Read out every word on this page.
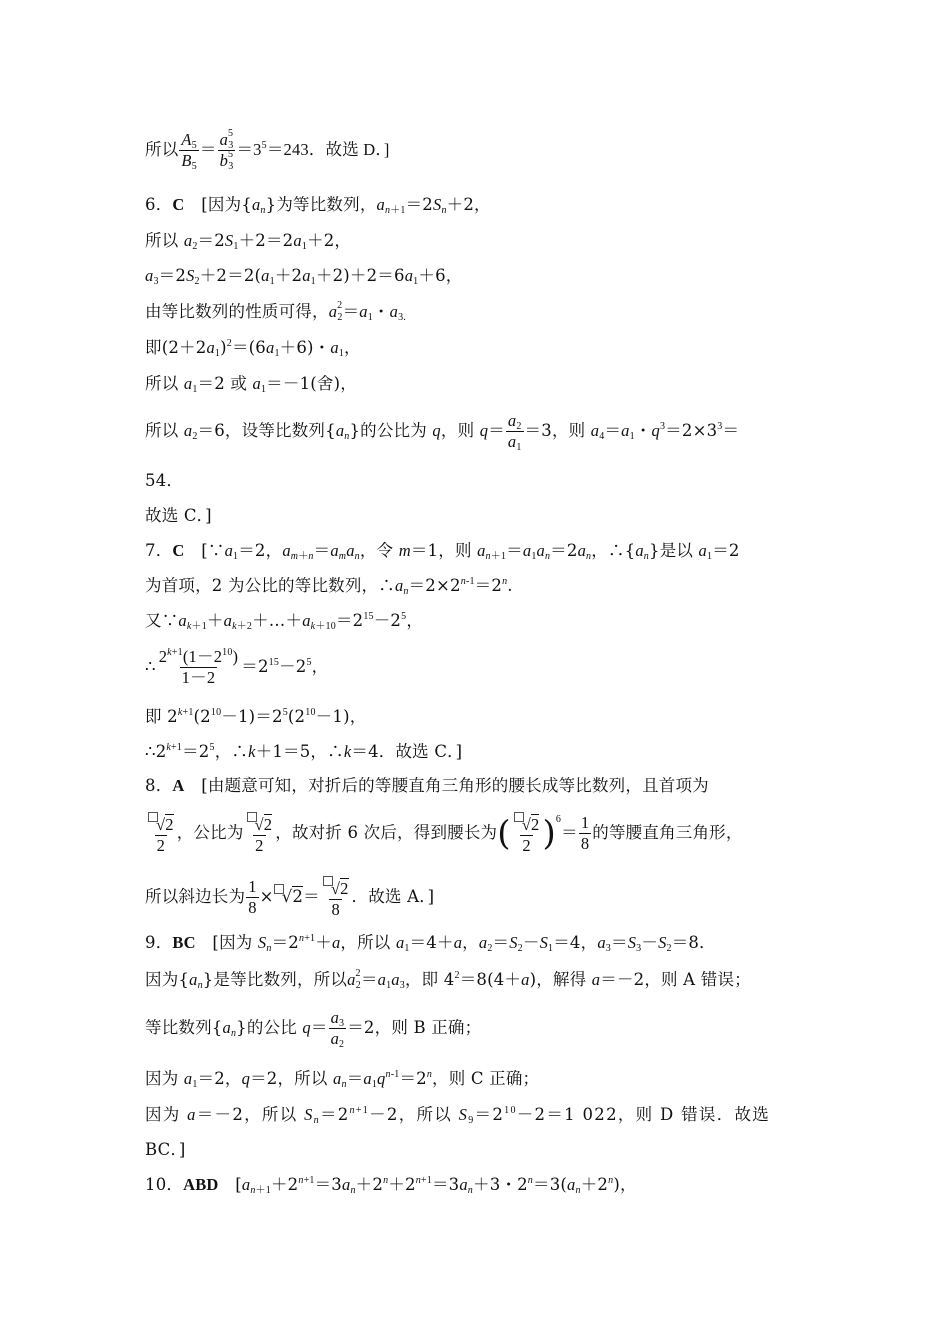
所以 $\frac{A_5}{B_5} = \frac{a^5_3}{b^5_3} =3^5=243$．故选 D．]
6．C　[因为$\{a_n\}$为等比数列，$a_{n+1}=2S_n+2$，
所以 $a_2=2S_1+2=2a_1+2$，
$a_3=2S_2+2=2(a_1+2a_1+2)+2=6a_1+6$，
由等比数列的性质可得，$a^2_2=a_1$・$a_{3.}$
即$(2+2a_1)^2=(6a_1+6)$・$a_1$，
所以 $a_1=2$ 或 $a_1=-1$(舍)，
所以 $a_2=6$，设等比数列$\{a_n\}$的公比为 q，则 $q= \frac{a_2}{a_1} =3$，则 $a_4=a_1$・$q^3=2\times 3^3=$
54．
故选 C．]
7．C　[$\because a_1=2$，$a_{m+n}=a_ma_n$，令 m＝1，则 $a_{n+1}=a_1a_n=2a_n$，$\therefore\{a_n\}$是以 $a_1=2$
为首项，2 为公比的等比数列，$\therefore a_n=2\times 2^{n-1}=2^n$.
又$\because a_{k+1}+a_{k+2}+\dots+a_{k+10}=2^{15}-2^5$，
∴ $\frac{2^{k+1}(1-2^{10})}{1-2} =2^{15}-2^5$，
即 $2^{k+1}(2^{10}-1)=2^5(2^{10}-1)$，
$\therefore 2^{k+1}=2^5$，∴k＋1＝5，∴k＝4．故选 C．]
8．A　 [由题意可知，对折后的等腰直角三角形的腰长成等比数列，且首项为
$\frac{√2}{2}$ ，公比为 $\frac{√2}{2}$ ，故对折 6 次后，得到腰长为( $\frac{√2}{2} )^6= \frac{1}{8}$ 的等腰直角三角形，
所以斜边长为 $\frac{1}{8} \times √2= \frac{√2}{8}$ ．故选 A．]
9．BC　[因为 $S_n=2^{n+1}+a$，所以 $a_1=4+a$，$a_2=S_2-S_1=4$，$a_3=S_3-S_2=8$．
因为$\{a_n\}$是等比数列，所以$a^2_2=a_1a_3$，即 $4^2=8(4+a)$，解得 a＝－2，则 A 错误；
等比数列$\{a_n\}$的公比 $q= \frac{a_3}{a_2} =2$，则 B 正确；
因为 $a_1=2$，q＝2，所以 $a_n=a_1q^{n-1}=2^n$，则 C 正确；
因为 a＝－2，所以 $S_n=2^{n+1}-2$，所以 $S_9=2^{10}-2=1$ 022，则 D 错误．故选
BC．]
10．ABD　[$a_{n+1}+2^{n+1}=3a_n+2^n+2^{n+1}=3a_n+3$・$2^n=3(a_n+2^n)$，
